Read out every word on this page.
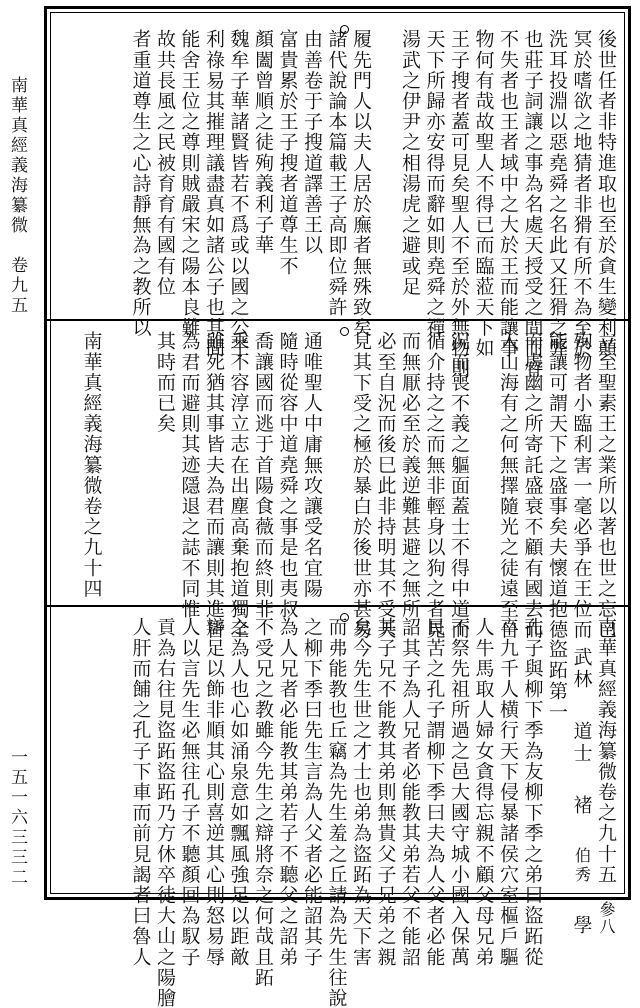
南華真經義海纂微　卷九五
一五一六三三二
後世任者非特進取也至於貪生變利顛
冥於嗜欲之地猜者非猾有所不為至於
洗耳投淵以惡堯舜之名此又狂猾之弊
也莊子詞讓之事為名處天授受之間而宜
不失者也王者域中之大於王而能讓事
物何有哉故聖人不得已而臨蒞天下如
王子搜者蓋可見矣聖人不至於外無物則
天下所歸亦安得而辭如則堯舜之禪
湯武之伊尹之相湯虎之避或足

履先門人以夫人居於廡者無殊致矣
諸代說論本篇載王子高即位舜許
由善卷于子搜道譯善王以
富貴累於王子搜者道尊生不
顏闔曾順之徒殉義利子華
魏牟子華諸賢皆若不爲或以國之公子
利祿易其摧理議盡真如諸公子也其間
能舍王位之尊則賊嚴宋之陽本良難
故共長風之民被育育有國有位
者重道尊生之心詩靜無為之教所以
立至聖素王之業所以著也世之忘已
殉物者小臨利害一毫必爭在王位而
能讓可謂天下之盛事矣夫懷道抱德
而處幽之所寄託盛衰不顧有國去而
入山海有之何無擇隨光之徒遠至自

況而喪不義之軀面蓋士不得中道而
循介持之之而無非輕身以狗之者見
而無厭必至於義逆難甚避之無所
必至自況而後巳此非持明其不受天
見其下受之極於暴白於後世亦甚易

通唯聖人中庸無攻讓受名宜陽
隨時從容中道堯舜之事是也夷叔
喬讓國而逃于首陽食薇而終則非
乘不容淳立志在出塵高棄抱道獨全
雖死猶其事皆夫為君而讓則其進皆
為君而避則其迹隱退之誌不同惟
其時而已矣

南華真經義海纂微卷之九十四
南華真經義海纂微卷之九十五參八
武林道士褚伯秀學
盜跖第一
孔子與柳下季為友柳下季之弟曰盜跖從
卒九千人横行天下侵暴諸侯穴室樞戶驅
人牛馬取人婦女貪得忘親不顧父母兄弟
不祭先祖所過之邑大國守城小國入保萬
民苦之孔子謂柳下季曰夫為人父者必能
詔其子為人兄者必能教其弟若父不能詔
其子兄不能教其弟則無貴父子兄弟之親
矣今先生世之才士也弟為盜跖為天下害
而弗能教也丘竊為先生羞之丘請為先生往說
之柳下季曰先生言為人父者必能詔其子
為人兄者必能教其弟若子不聽父之詔弟
不受兄之教雖今先生之辯將奈之何哉且跖
之為人也心如涌泉意如飄風強足以距敵
辯足以飾非順其心則喜逆其心則怒易辱
人以言先生必無往孔子不聽顏回為馭子
貢為右往見盜跖盜跖乃方休卒徒大山之陽膾
人肝而餔之孔子下車而前見謁者曰魯人
